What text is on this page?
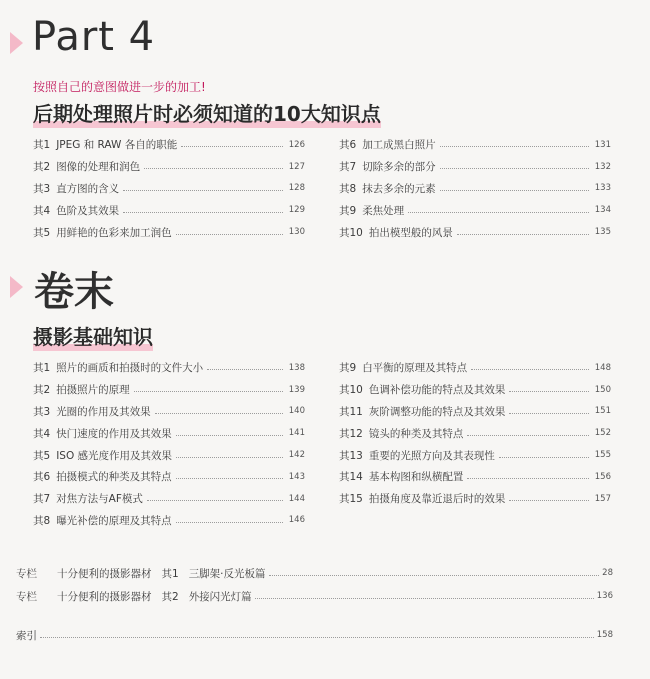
Part 4
按照自己的意图做进一步的加工!
后期处理照片时必须知道的10大知识点
其1 JPEG 和 RAW 各自的职能	126
其2 图像的处理和润色	127
其3 直方图的含义	128
其4 色阶及其效果	129
其5 用鲜艳的色彩来加工润色	130
其6 加工成黑白照片	131
其7 切除多余的部分	132
其8 抹去多余的元素	133
其9 柔焦处理	134
其10 拍出模型般的风景	135
卷末
摄影基础知识
其1 照片的画质和拍摄时的文件大小	138
其2 拍摄照片的原理	139
其3 光圈的作用及其效果	140
其4 快门速度的作用及其效果	141
其5 ISO 感光度作用及其效果	142
其6 拍摄模式的种类及其特点	143
其7 对焦方法与AF模式	144
其8 曝光补偿的原理及其特点	146
其9 白平衡的原理及其特点	148
其10 色调补偿功能的特点及其效果	150
其11 灰阶调整功能的特点及其效果	151
其12 镜头的种类及其特点	152
其13 重要的光照方向及其表现性	155
其14 基本构图和纵横配置	156
其15 拍摄角度及靠近退后时的效果	157
专栏 十分便利的摄影器材 其1 三脚架·反光板篇	28
专栏 十分便利的摄影器材 其2 外接闪光灯篇	136
索引	158
